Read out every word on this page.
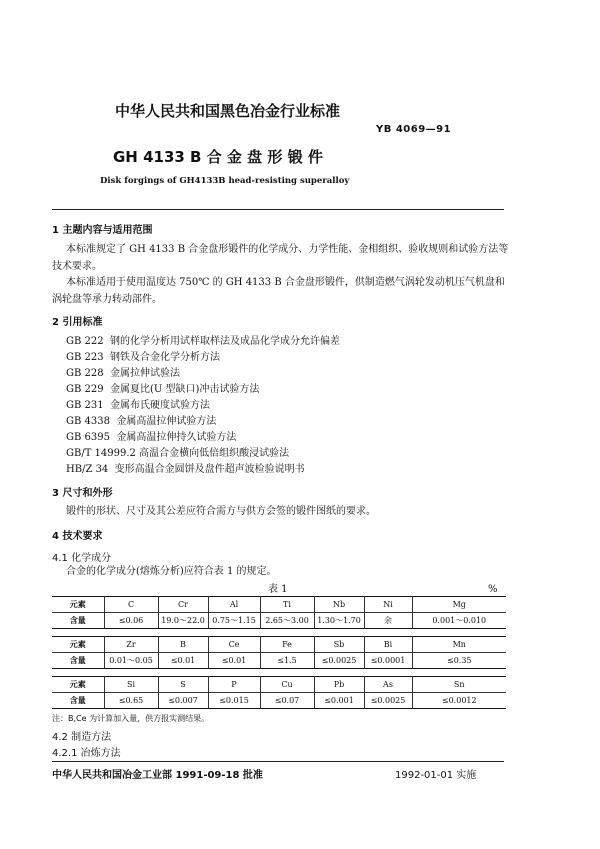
中华人民共和国黑色冶金行业标准
YB 4069—91
GH 4133 B 合 金 盘 形 锻 件
Disk forgings of GH4133B head-resisting superalloy
1 主题内容与适用范围
本标准规定了 GH 4133 B 合金盘形锻件的化学成分、力学性能、金相组织、验收规则和试验方法等
技术要求。
本标准适用于使用温度达 750℃ 的 GH 4133 B 合金盘形锻件，供制造燃气涡轮发动机压气机盘和
涡轮盘等承力转动部件。
2 引用标准
GB 222 钢的化学分析用试样取样法及成品化学成分允许偏差
GB 223 钢铁及合金化学分析方法
GB 228 金属拉伸试验法
GB 229 金属夏比(U 型缺口)冲击试验方法
GB 231 金属布氏硬度试验方法
GB 4338 金属高温拉伸试验方法
GB 6395 金属高温拉伸持久试验方法
GB/T 14999.2 高温合金横向低倍组织酸浸试验法
HB/Z 34 变形高温合金圆饼及盘件超声波检验说明书
3 尺寸和外形
锻件的形状、尺寸及其公差应符合需方与供方会签的锻件图纸的要求。
4 技术要求
4.1 化学成分
合金的化学成分(熔炼分析)应符合表 1 的规定。
表 1	%
元素	C	Cr	Al	Ti	Nb	Ni	Mg
含量	≤0.06	19.0～22.0	0.75～1.15	2.65～3.00	1.30～1.70	余	0.001～0.010
元素	Zr	B	Ce	Fe	Sb	Bi	Mn
含量	0.01～0.05	≤0.01	≤0.01	≤1.5	≤0.0025	≤0.0001	≤0.35
元素	Si	S	P	Cu	Pb	As	Sn
含量	≤0.65	≤0.007	≤0.015	≤0.07	≤0.001	≤0.0025	≤0.0012
注：B,Ce 为计算加入量，供方报实测结果。
4.2 制造方法
4.2.1 冶炼方法
中华人民共和国冶金工业部 1991-09-18 批准	1992-01-01 实施
